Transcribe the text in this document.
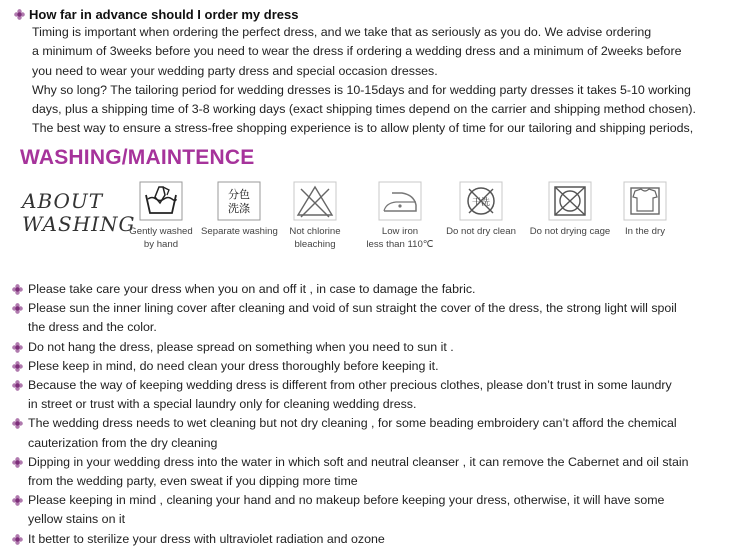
How far in advance should I order my dress
Timing is important when ordering the perfect dress, and we take that as seriously as you do. We advise ordering
a minimum of 3weeks before you need to wear the dress if ordering a wedding dress and a minimum of 2weeks before
you need to wear your wedding party dress and special occasion dresses.
Why so long? The tailoring period for wedding dresses is 10-15days and for wedding party dresses it takes 5-10 working
days, plus a shipping time of 3-8 working days (exact shipping times depend on the carrier and shipping method chosen).
The best way to ensure a stress-free shopping experience is to allow plenty of time for our tailoring and shipping periods,
WASHING/MAINTENCE
ABOUT
WASHING
Gently washed
by hand
分色
洗涤
Separate washing	Not chlorine
bleaching
Low iron
less than 110℃
干洗
Do not dry clean Do not drying cage	In the dry
Please take care your dress when you on and off it , in case to damage the fabric.
Please sun the inner lining cover after cleaning and void of sun straight the cover of the dress, the strong light will spoil
the dress and the color.
Do not hang the dress, please spread on something when you need to sun it .
Plese keep in mind, do need clean your dress thoroughly before keeping it.
Because the way of keeping wedding dress is different from other precious clothes, please don’t trust in some laundry
in street or trust with a special laundry only for cleaning wedding dress.
The wedding dress needs to wet cleaning but not dry cleaning , for some beading embroidery can’t afford the chemical
cauterization from the dry cleaning
Dipping in your wedding dress into the water in which soft and neutral cleanser , it can remove the Cabernet and oil stain
from the wedding party, even sweat if you dipping more time
Please keeping in mind , cleaning your hand and no makeup before keeping your dress, otherwise, it will have some
yellow stains on it
It better to sterilize your dress with ultraviolet radiation and ozone
